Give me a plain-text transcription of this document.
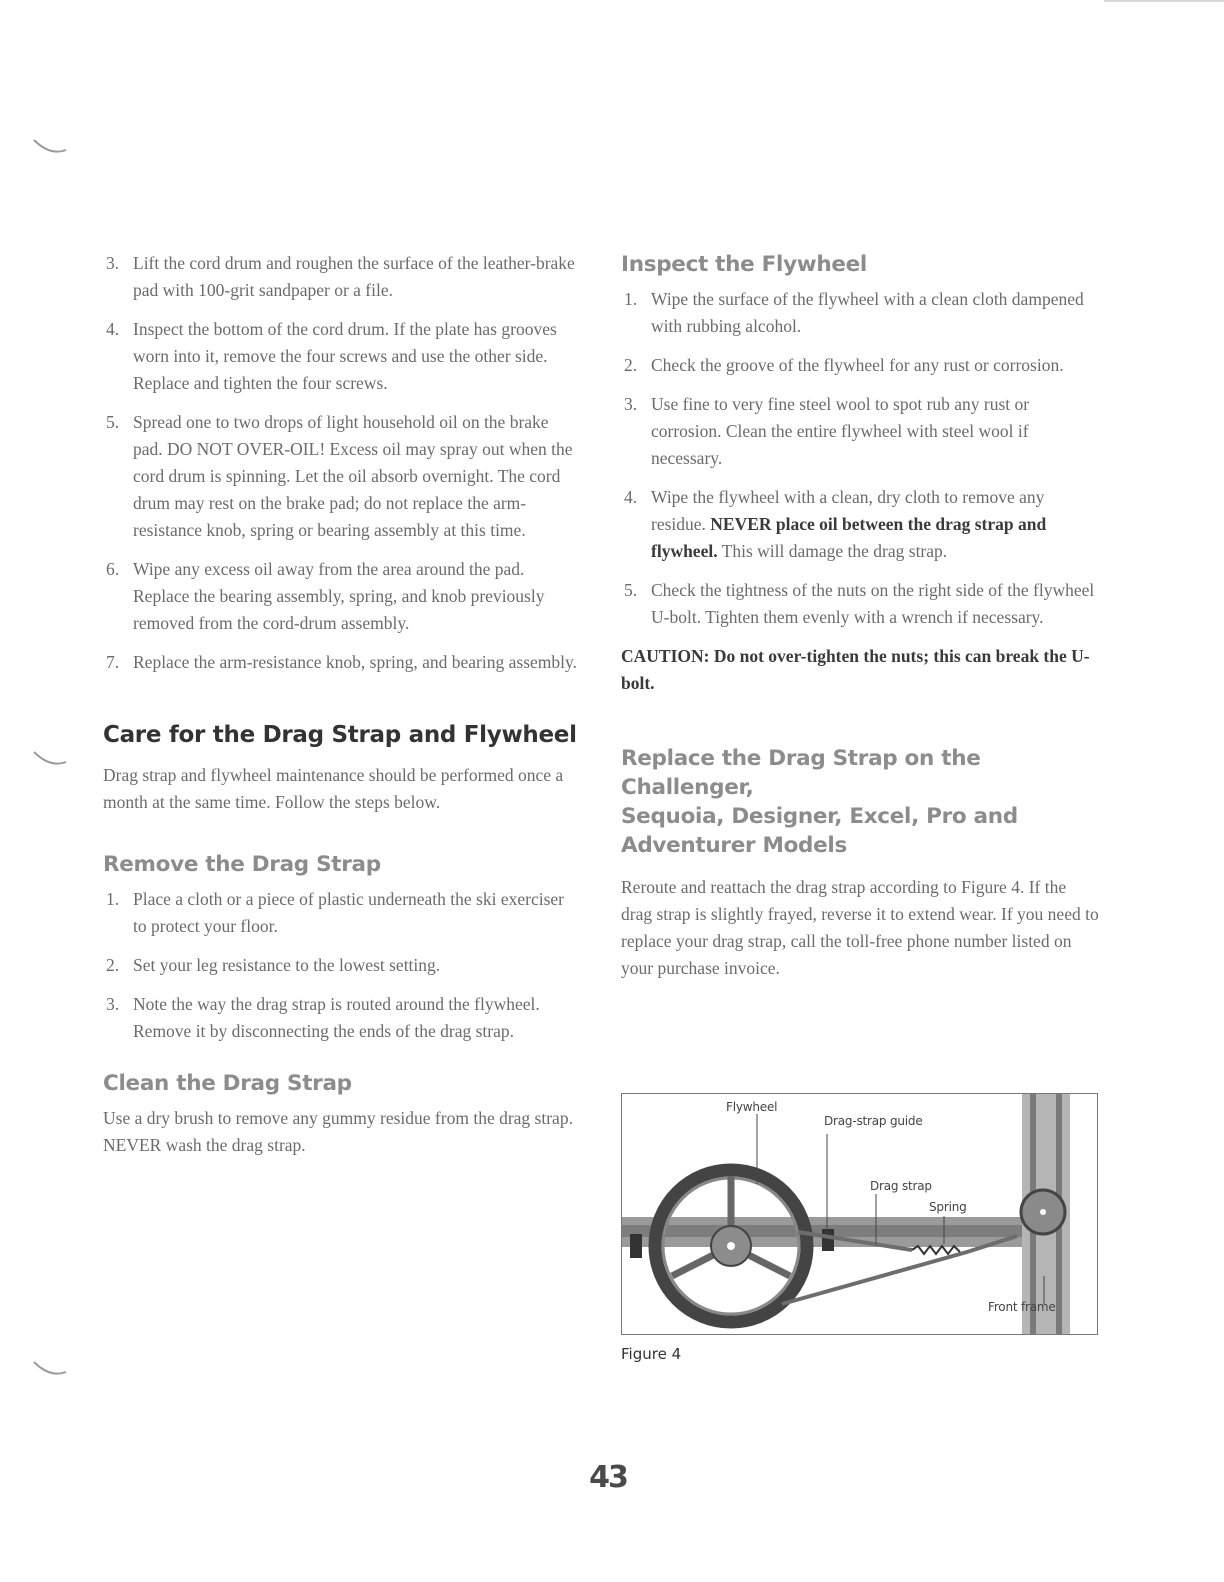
3. Lift the cord drum and roughen the surface of the leather-brake pad with 100-grit sandpaper or a file.
4. Inspect the bottom of the cord drum. If the plate has grooves worn into it, remove the four screws and use the other side. Replace and tighten the four screws.
5. Spread one to two drops of light household oil on the brake pad. DO NOT OVER-OIL! Excess oil may spray out when the cord drum is spinning. Let the oil absorb overnight. The cord drum may rest on the brake pad; do not replace the arm-resistance knob, spring or bearing assembly at this time.
6. Wipe any excess oil away from the area around the pad. Replace the bearing assembly, spring, and knob previously removed from the cord-drum assembly.
7. Replace the arm-resistance knob, spring, and bearing assembly.
Care for the Drag Strap and Flywheel

Drag strap and flywheel maintenance should be performed once a month at the same time. Follow the steps below.

Remove the Drag Strap
1. Place a cloth or a piece of plastic underneath the ski exerciser to protect your floor.
2. Set your leg resistance to the lowest setting.
3. Note the way the drag strap is routed around the flywheel. Remove it by disconnecting the ends of the drag strap.
Clean the Drag Strap

Use a dry brush to remove any gummy residue from the drag strap. NEVER wash the drag strap.

Inspect the Flywheel
1. Wipe the surface of the flywheel with a clean cloth dampened with rubbing alcohol.
2. Check the groove of the flywheel for any rust or corrosion.
3. Use fine to very fine steel wool to spot rub any rust or corrosion. Clean the entire flywheel with steel wool if necessary.
4. Wipe the flywheel with a clean, dry cloth to remove any residue. NEVER place oil between the drag strap and flywheel. This will damage the drag strap.
5. Check the tightness of the nuts on the right side of the flywheel U-bolt. Tighten them evenly with a wrench if necessary.

CAUTION: Do not over-tighten the nuts; this can break the U-bolt.

Replace the Drag Strap on the Challenger,
Sequoia, Designer, Excel, Pro and
Adventurer Models

Reroute and reattach the drag strap according to Figure 4. If the drag strap is slightly frayed, reverse it to extend wear. If you need to replace your drag strap, call the toll-free phone number listed on your purchase invoice.

Flywheel
Drag-strap guide
Drag strap
Spring
Front frame
Figure 4
43
